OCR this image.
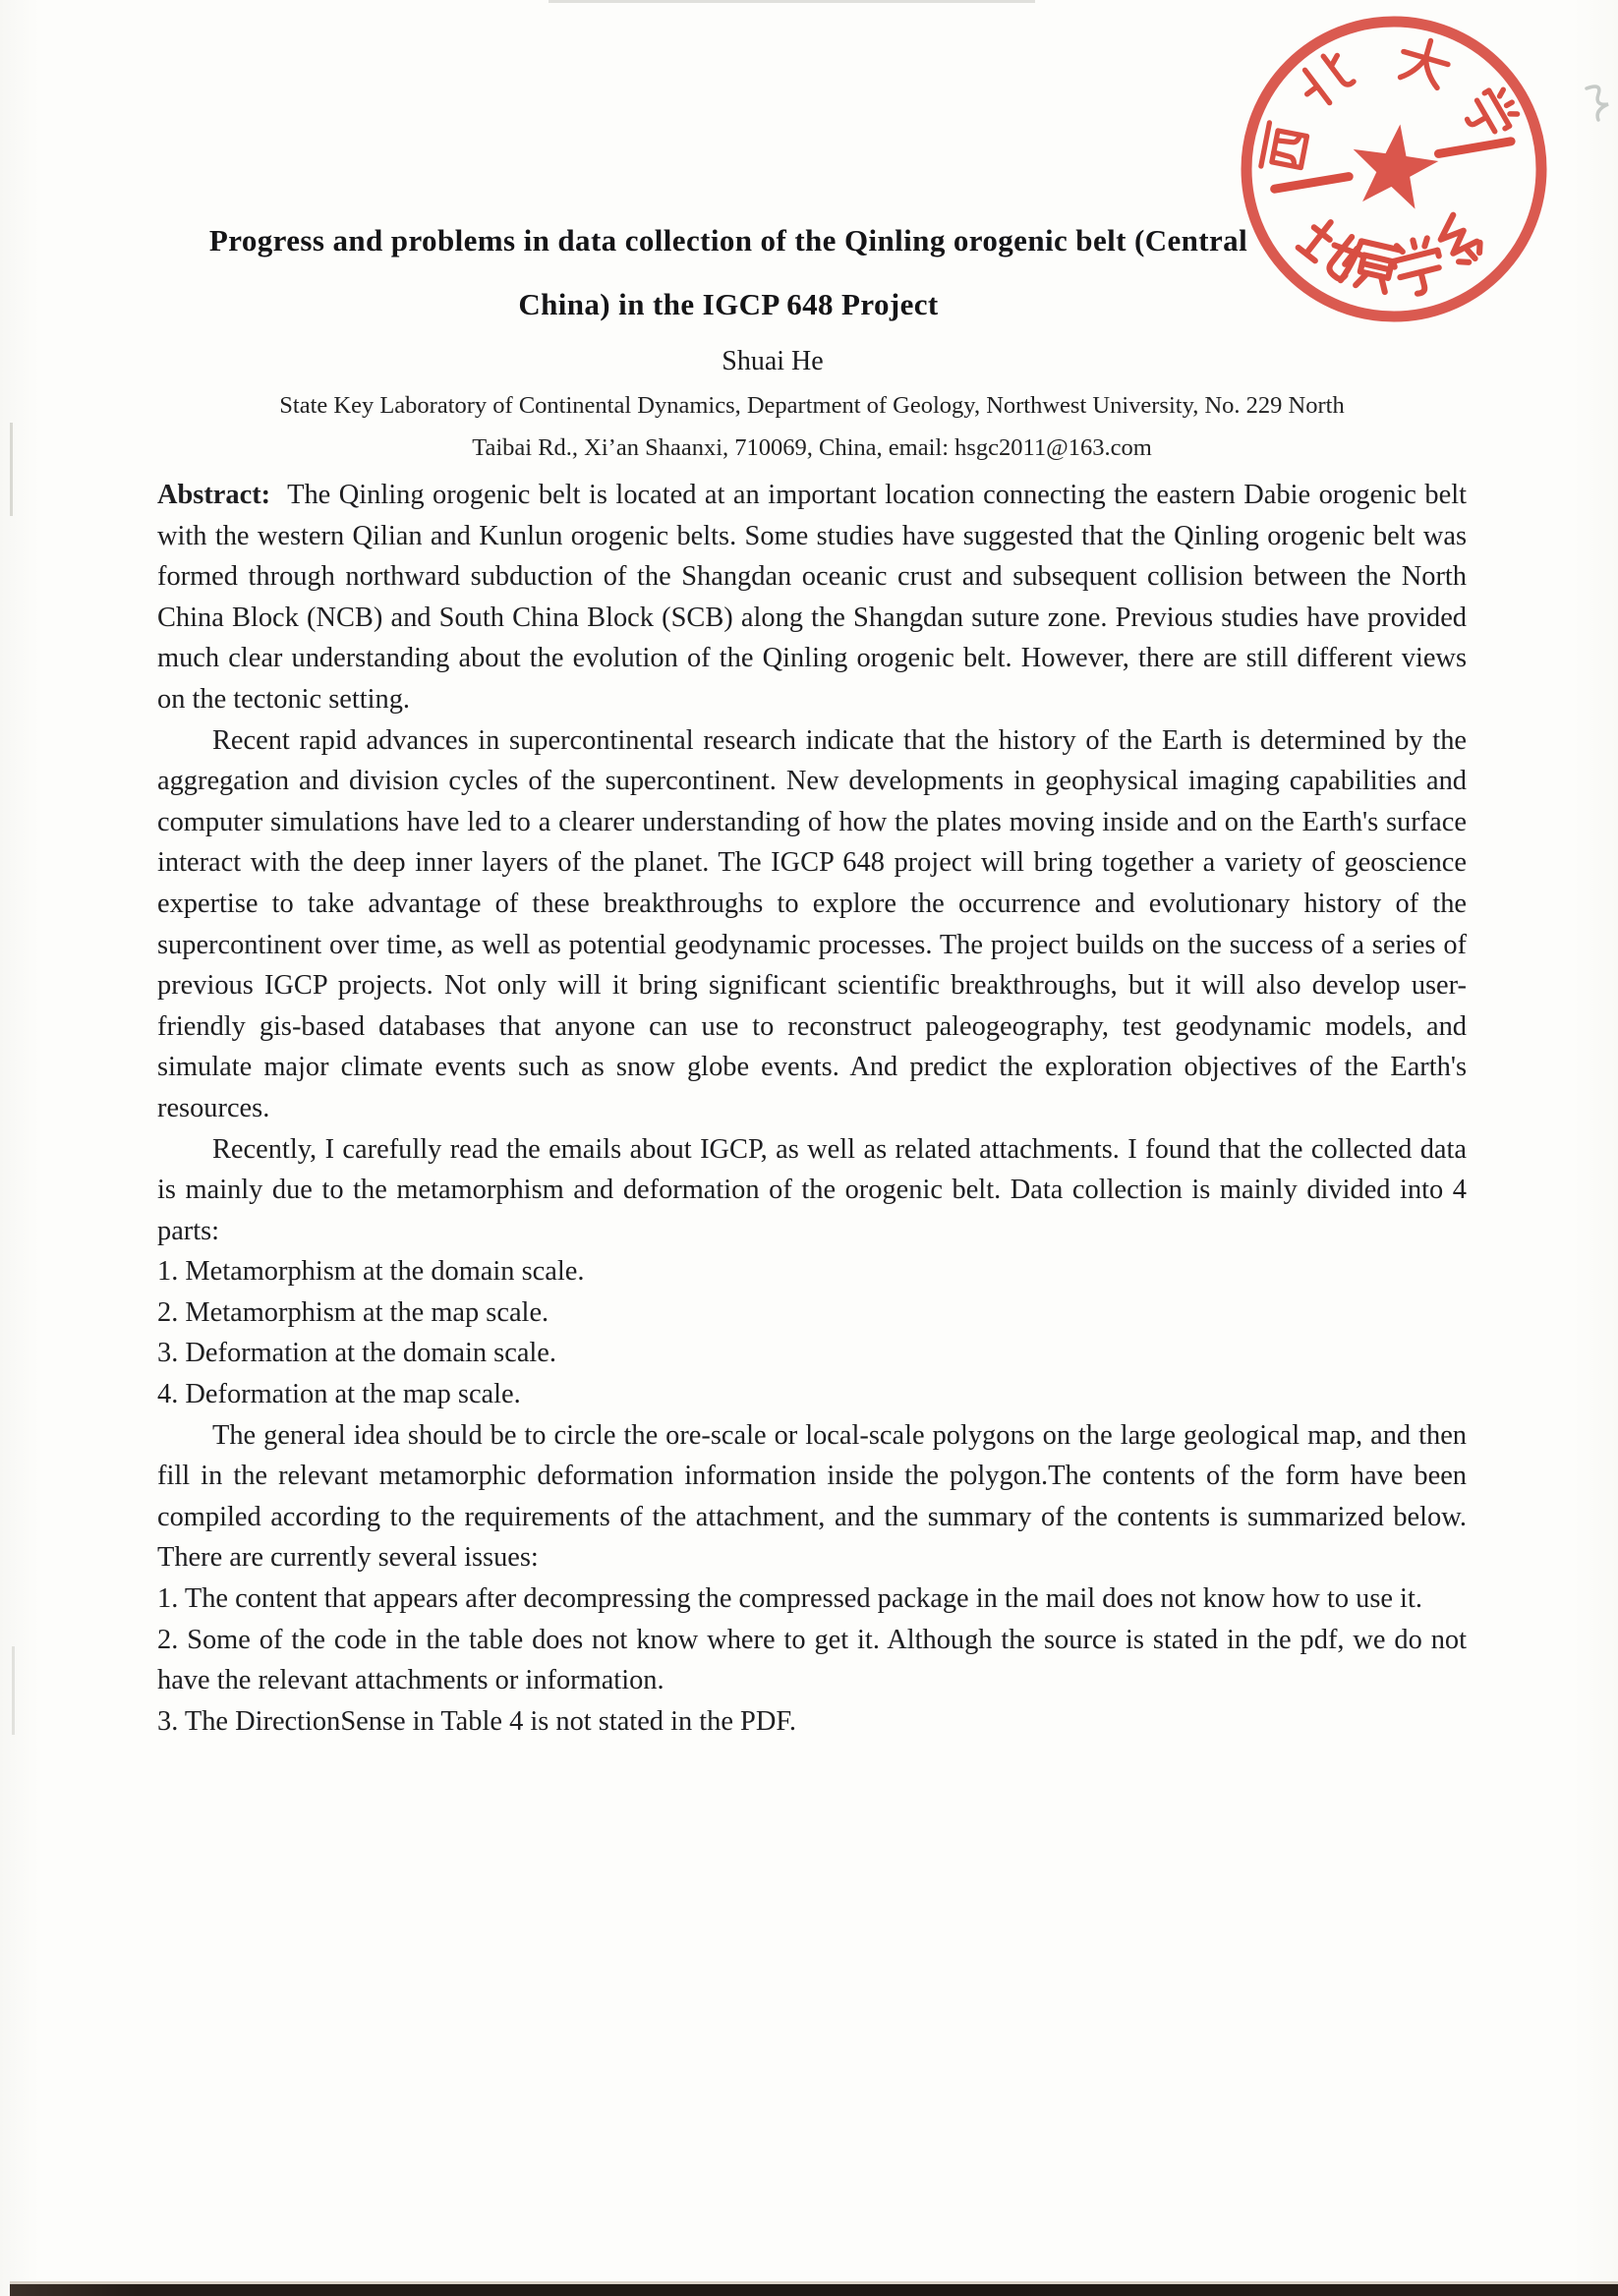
Progress and problems in data collection of the Qinling orogenic belt (Central
China) in the IGCP 648 Project
Shuai He
State Key Laboratory of Continental Dynamics, Department of Geology, Northwest University, No. 229 North
Taibai Rd., Xi’an Shaanxi, 710069, China, email: hsgc2011@163.com

Abstract: The Qinling orogenic belt is located at an important location connecting the eastern Dabie orogenic belt with the western Qilian and Kunlun orogenic belts. Some studies have suggested that the Qinling orogenic belt was formed through northward subduction of the Shangdan oceanic crust and subsequent collision between the North China Block (NCB) and South China Block (SCB) along the Shangdan suture zone. Previous studies have provided much clear understanding about the evolution of the Qinling orogenic belt. However, there are still different views on the tectonic setting.

Recent rapid advances in supercontinental research indicate that the history of the Earth is determined by the aggregation and division cycles of the supercontinent. New developments in geophysical imaging capabilities and computer simulations have led to a clearer understanding of how the plates moving inside and on the Earth's surface interact with the deep inner layers of the planet. The IGCP 648 project will bring together a variety of geoscience expertise to take advantage of these breakthroughs to explore the occurrence and evolutionary history of the supercontinent over time, as well as potential geodynamic processes. The project builds on the success of a series of previous IGCP projects. Not only will it bring significant scientific breakthroughs, but it will also develop user-friendly gis-based databases that anyone can use to reconstruct paleogeography, test geodynamic models, and simulate major climate events such as snow globe events. And predict the exploration objectives of the Earth's resources.

Recently, I carefully read the emails about IGCP, as well as related attachments. I found that the collected data is mainly due to the metamorphism and deformation of the orogenic belt. Data collection is mainly divided into 4 parts:

1. Metamorphism at the domain scale.

2. Metamorphism at the map scale.

3. Deformation at the domain scale.

4. Deformation at the map scale.

The general idea should be to circle the ore-scale or local-scale polygons on the large geological map, and then fill in the relevant metamorphic deformation information inside the polygon.The contents of the form have been compiled according to the requirements of the attachment, and the summary of the contents is summarized below. There are currently several issues:

1. The content that appears after decompressing the compressed package in the mail does not know how to use it.

2. Some of the code in the table does not know where to get it. Although the source is stated in the pdf, we do not have the relevant attachments or information.

3. The DirectionSense in Table 4 is not stated in the PDF.
